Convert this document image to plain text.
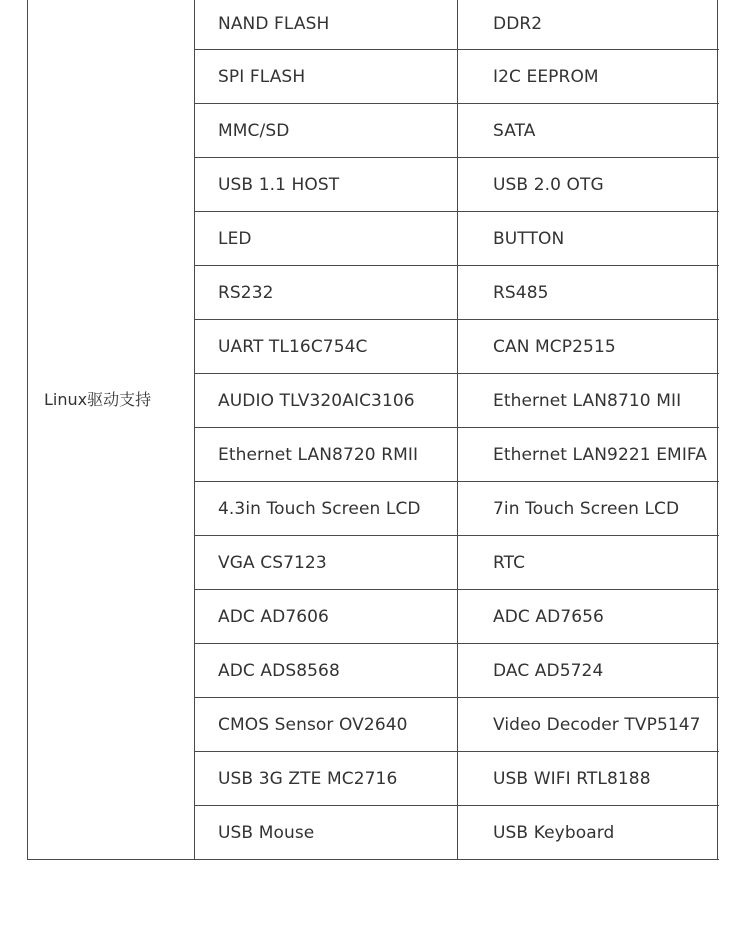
Linux驱动支持
NAND FLASH	DDR2
SPI FLASH	I2C EEPROM
MMC/SD	SATA
USB 1.1 HOST	USB 2.0 OTG
LED	BUTTON
RS232	RS485
UART TL16C754C	CAN MCP2515
AUDIO TLV320AIC3106	Ethernet LAN8710 MII
Ethernet LAN8720 RMII	Ethernet LAN9221 EMIFA
4.3in Touch Screen LCD	7in Touch Screen LCD
VGA CS7123	RTC
ADC AD7606	ADC AD7656
ADC ADS8568	DAC AD5724
CMOS Sensor OV2640	Video Decoder TVP5147
USB 3G ZTE MC2716	USB WIFI RTL8188
USB Mouse	USB Keyboard
